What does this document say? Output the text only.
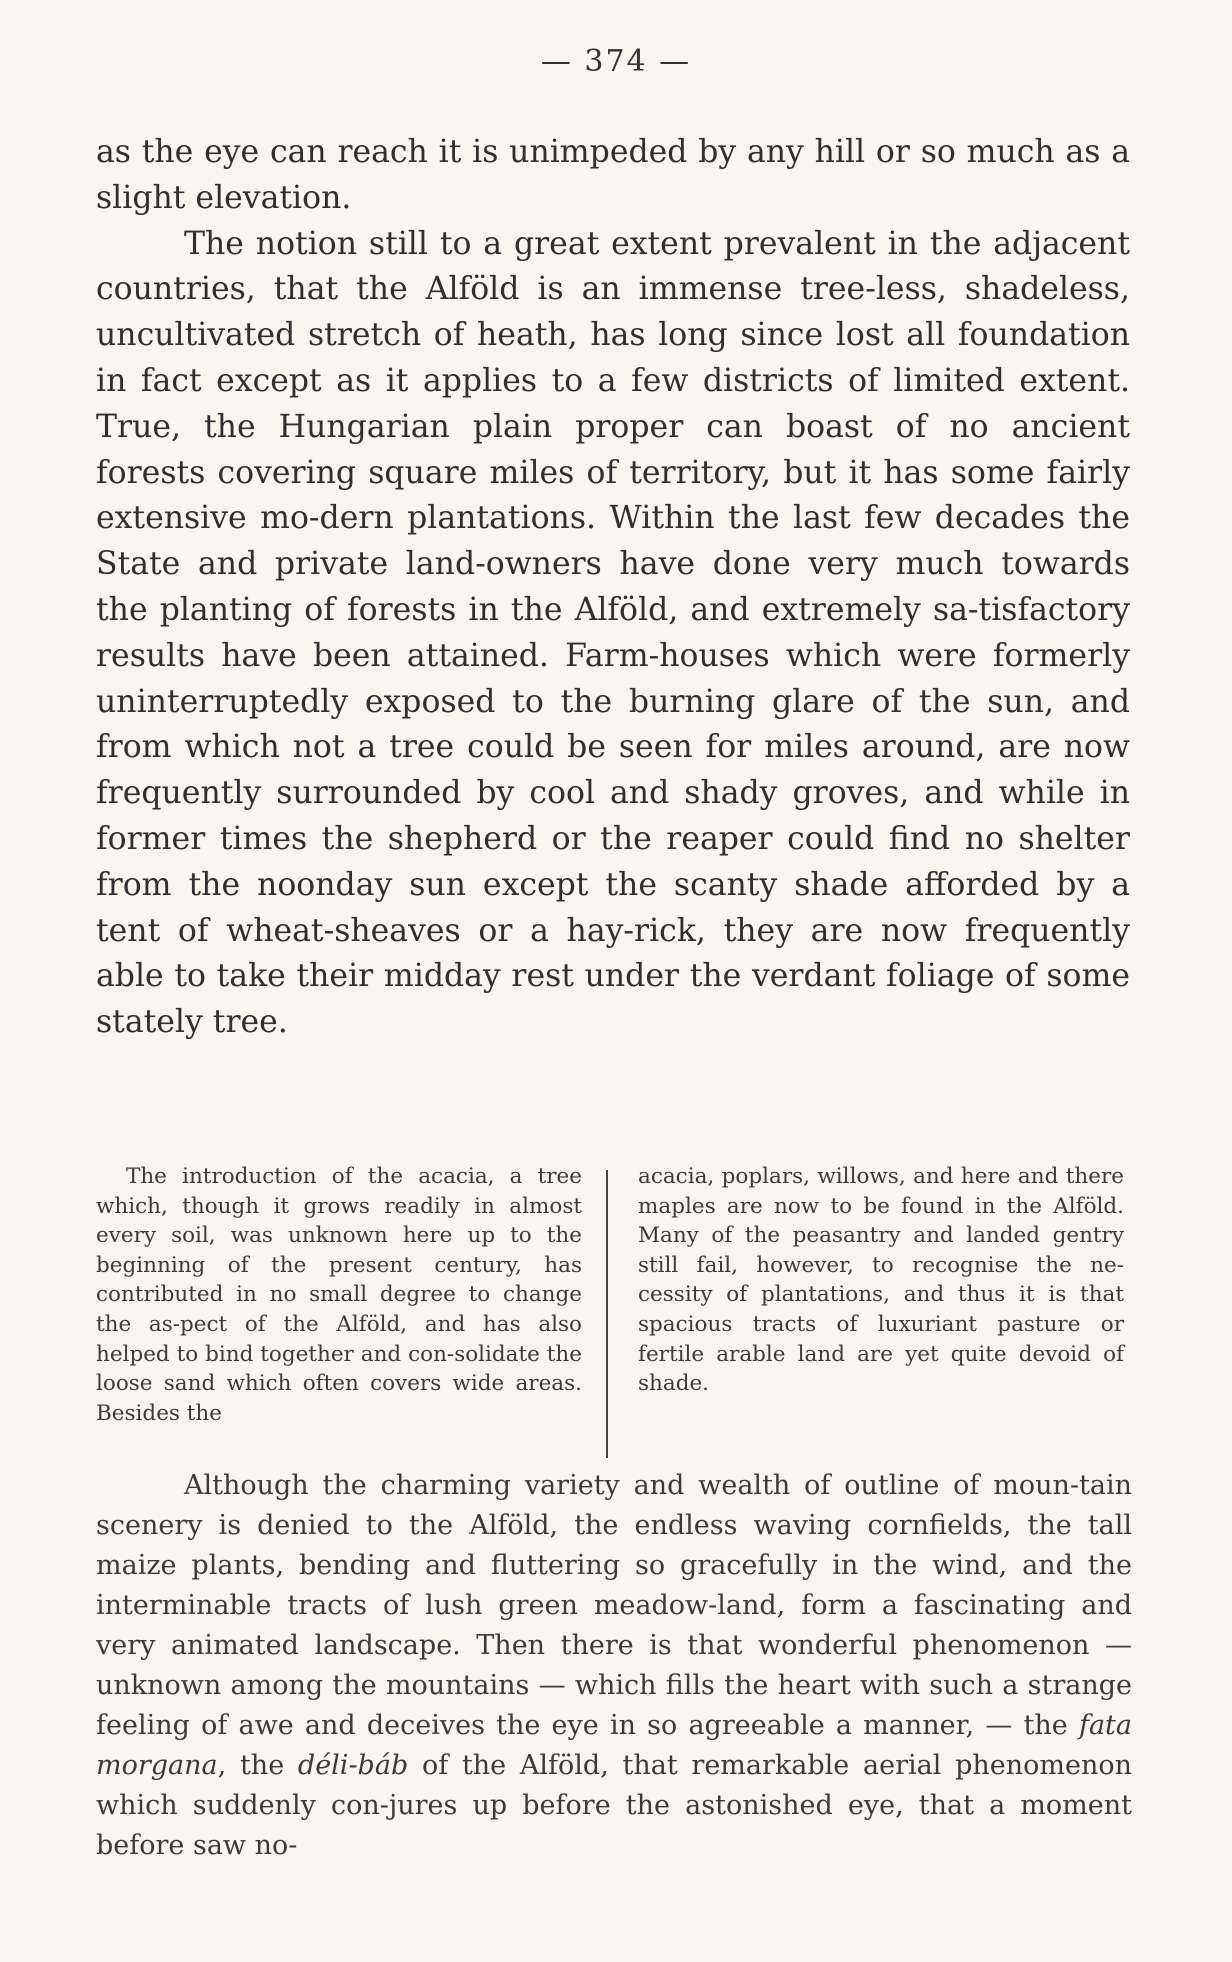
— 374 —

as the eye can reach it is unimpeded by any hill or so much as a slight elevation.

The notion still to a great extent prevalent in the adjacent countries, that the Alföld is an immense tree-less, shadeless, uncultivated stretch of heath, has long since lost all foundation in fact except as it applies to a few districts of limited extent. True, the Hungarian plain proper can boast of no ancient forests covering square miles of territory, but it has some fairly extensive mo-dern plantations. Within the last few decades the State and private land-owners have done very much towards the planting of forests in the Alföld, and extremely sa-tisfactory results have been attained. Farm-houses which were formerly uninterruptedly exposed to the burning glare of the sun, and from which not a tree could be seen for miles around, are now frequently surrounded by cool and shady groves, and while in former times the shepherd or the reaper could find no shelter from the noonday sun except the scanty shade afforded by a tent of wheat-sheaves or a hay-rick, they are now frequently able to take their midday rest under the verdant foliage of some stately tree.

The introduction of the acacia, a tree which, though it grows readily in almost every soil, was unknown here up to the beginning of the present century, has contributed in no small degree to change the as-pect of the Alföld, and has also helped to bind together and con-solidate the loose sand which often covers wide areas. Besides the

acacia, poplars, willows, and here and there maples are now to be found in the Alföld. Many of the peasantry and landed gentry still fail, however, to recognise the ne-cessity of plantations, and thus it is that spacious tracts of luxuriant pasture or fertile arable land are yet quite devoid of shade.

Although the charming variety and wealth of outline of moun-tain scenery is denied to the Alföld, the endless waving cornfields, the tall maize plants, bending and fluttering so gracefully in the wind, and the interminable tracts of lush green meadow-land, form a fascinating and very animated landscape. Then there is that wonderful phenomenon — unknown among the mountains — which fills the heart with such a strange feeling of awe and deceives the eye in so agreeable a manner, — the fata morgana, the déli-báb of the Alföld, that remarkable aerial phenomenon which suddenly con-jures up before the astonished eye, that a moment before saw no-
